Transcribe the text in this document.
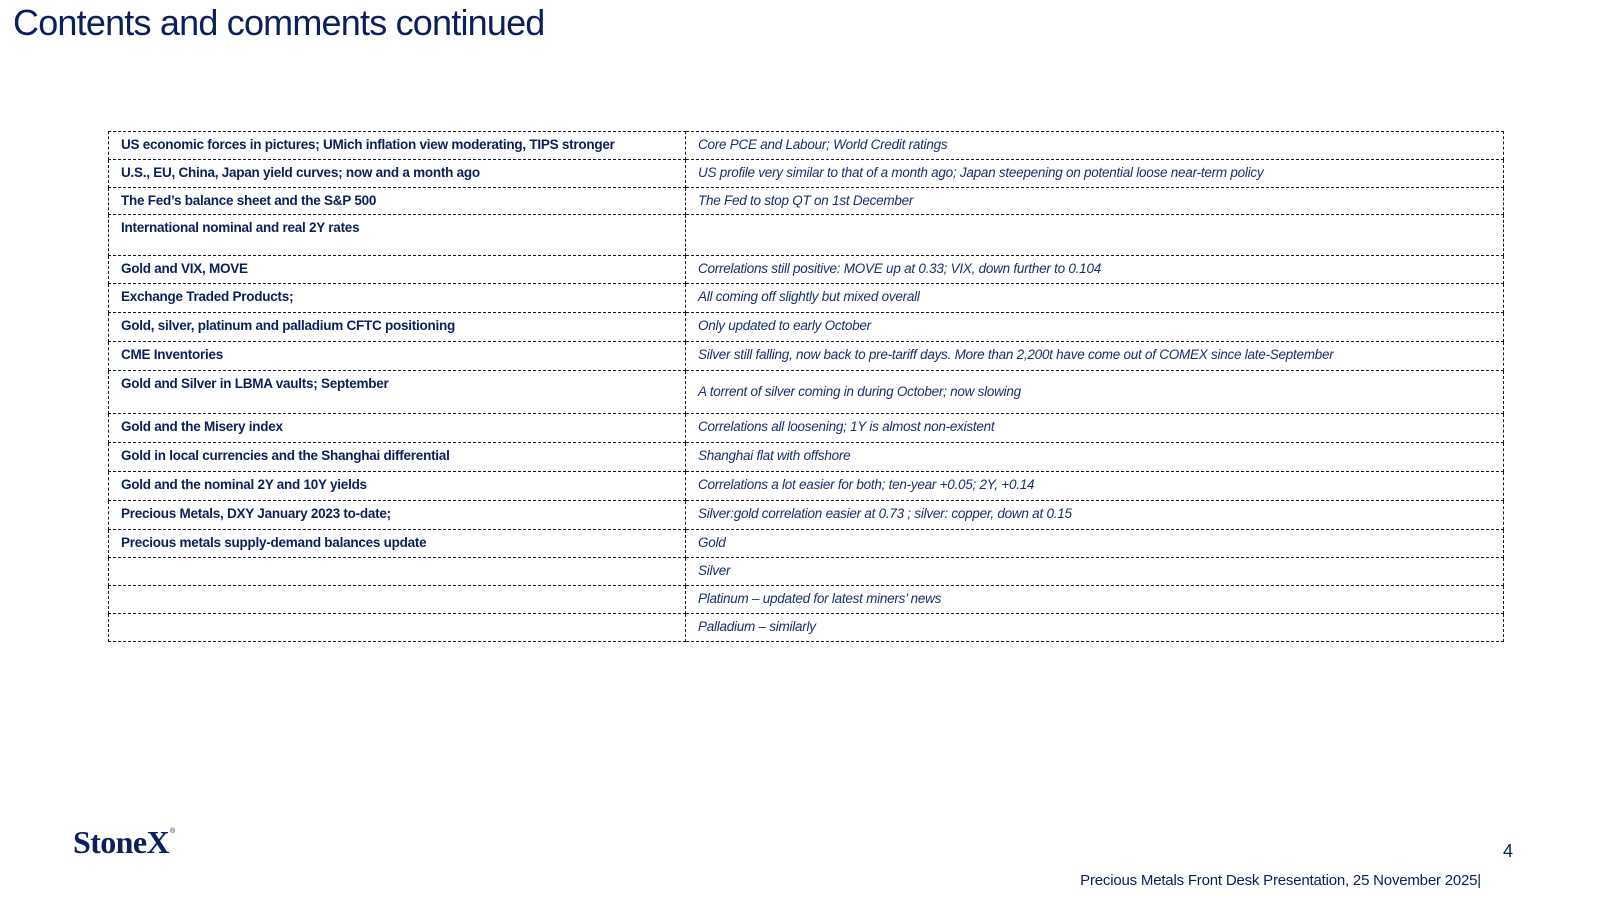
Contents and comments continued
US economic forces in pictures; UMich inflation view moderating, TIPS stronger	Core PCE and Labour; World Credit ratings
U.S., EU, China, Japan yield curves; now and a month ago	US profile very similar to that of a month ago; Japan steepening on potential loose near-term policy
The Fed’s balance sheet and the S&P 500	The Fed to stop QT on 1st December
International nominal and real 2Y rates	
Gold and VIX, MOVE	Correlations still positive: MOVE up at 0.33; VIX, down further to 0.104
Exchange Traded Products;	All coming off slightly but mixed overall
Gold, silver, platinum and palladium CFTC positioning	Only updated to early October
CME Inventories	Silver still falling, now back to pre-tariff days. More than 2,200t have come out of COMEX since late-September
Gold and Silver in LBMA vaults; September	A torrent of silver coming in during October; now slowing
Gold and the Misery index	Correlations all loosening; 1Y is almost non-existent
Gold in local currencies and the Shanghai differential	Shanghai flat with offshore
Gold and the nominal 2Y and 10Y yields	Correlations a lot easier for both; ten-year +0.05; 2Y, +0.14
Precious Metals, DXY January 2023 to-date;	Silver:gold correlation easier at 0.73 ; silver: copper, down at 0.15
Precious metals supply-demand balances update	Gold
	Silver
	Platinum – updated for latest miners’ news
	Palladium – similarly
StoneX®
4
Precious Metals Front Desk Presentation, 25 November 2025|
